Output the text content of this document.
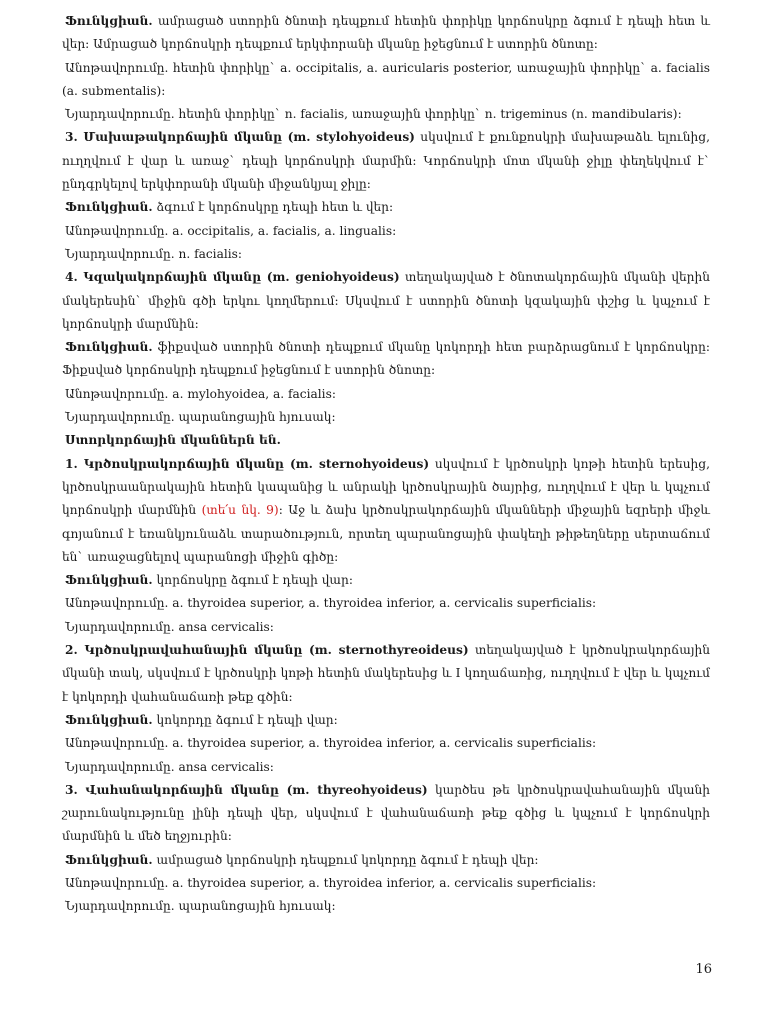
Ֆունկցիան. ամրացած ստորին ծնոտի դեպքում հետին փորիկը կորճոսկրը ձգում է դեպի հետ և վեր: Ամրացած կորճոսկրի դեպքում երկփորանի մկանը իջեցնում է ստորին ծնոտը:

Անոթավորումը. հետին փորիկը` a. occipitalis, a. auricularis posterior, առաջային փորիկը` a. facialis (a. submentalis):

Նյարդավորումը. հետին փորիկը` n. facialis, առաջային փորիկը` n. trigeminus (n. mandibularis):

3. Մախաթակորճային մկանը (m. stylohyoideus) սկսվում է քունքոսկրի մախաթաձև ելունից, ուղղվում է վար և առաջ` դեպի կորճոսկրի մարմին: Կորճոսկրի մոտ մկանի ջիլը փեղեկվում է` ընդգրկելով երկփորանի մկանի միջանկյալ ջիլը:

Ֆունկցիան. ձգում է կորճոսկրը դեպի հետ և վեր:

Անոթավորումը. a. occipitalis, a. facialis, a. lingualis:

Նյարդավորումը. n. facialis:

4. Կզակակորճային մկանը (m. geniohyoideus) տեղակայված է ծնոտակորճային մկանի վերին մակերեսին` միջին գծի երկու կողմերում: Սկսվում է ստորին ծնոտի կզակային փշից և կպչում է կորճոսկրի մարմնին:

Ֆունկցիան. ֆիքսված ստորին ծնոտի դեպքում մկանը կոկորդի հետ բարձրացնում է կորճոսկրը: Ֆիքսված կորճոսկրի դեպքում իջեցնում է ստորին ծնոտը:

Անոթավորումը. a. mylohyoidea, a. facialis:

Նյարդավորումը. պարանոցային հյուսակ:

Ստորկորճային մկաններն են.

1. Կրծոսկրակորճային մկանը (m. sternohyoideus) սկսվում է կրծոսկրի կոթի հետին երեսից, կրծոսկրաանրակային հետին կապանից և անրակի կրծոսկրային ծայրից, ուղղվում է վեր և կպչում կորճոսկրի մարմնին (տե՛ս նկ. 9): Աջ և ձախ կրծոսկրակորճային մկանների միջային եզրերի միջև գոյանում է եռանկյունաձև տարածություն, որտեղ պարանոցային փակեղի թիթեղները սերտաճում են` առաջացնելով պարանոցի միջին գիծը:

Ֆունկցիան. կորճոսկրը ձգում է դեպի վար:

Անոթավորումը. a. thyroidea superior, a. thyroidea inferior, a. cervicalis superficialis:

Նյարդավորումը. ansa cervicalis:

2. Կրծոսկրավահանային մկանը (m. sternothyreoideus) տեղակայված է կրծոսկրակորճային մկանի տակ, սկսվում է կրծոսկրի կոթի հետին մակերեսից և I կողաճառից, ուղղվում է վեր և կպչում է կոկորդի վահանաճառի թեք գծին:

Ֆունկցիան. կոկորդը ձգում է դեպի վար:

Անոթավորումը. a. thyroidea superior, a. thyroidea inferior, a. cervicalis superficialis:

Նյարդավորումը. ansa cervicalis:

3. Վահանակորճային մկանը (m. thyreohyoideus) կարծես թե կրծոսկրավահանային մկանի շարունակությունը լինի դեպի վեր, սկսվում է վահանաճառի թեք գծից և կպչում է կորճոսկրի մարմնին և մեծ եղջյուրին:

Ֆունկցիան. ամրացած կորճոսկրի դեպքում կոկորդը ձգում է դեպի վեր:

Անոթավորումը. a. thyroidea superior, a. thyroidea inferior, a. cervicalis superficialis:

Նյարդավորումը. պարանոցային հյուսակ:

16
